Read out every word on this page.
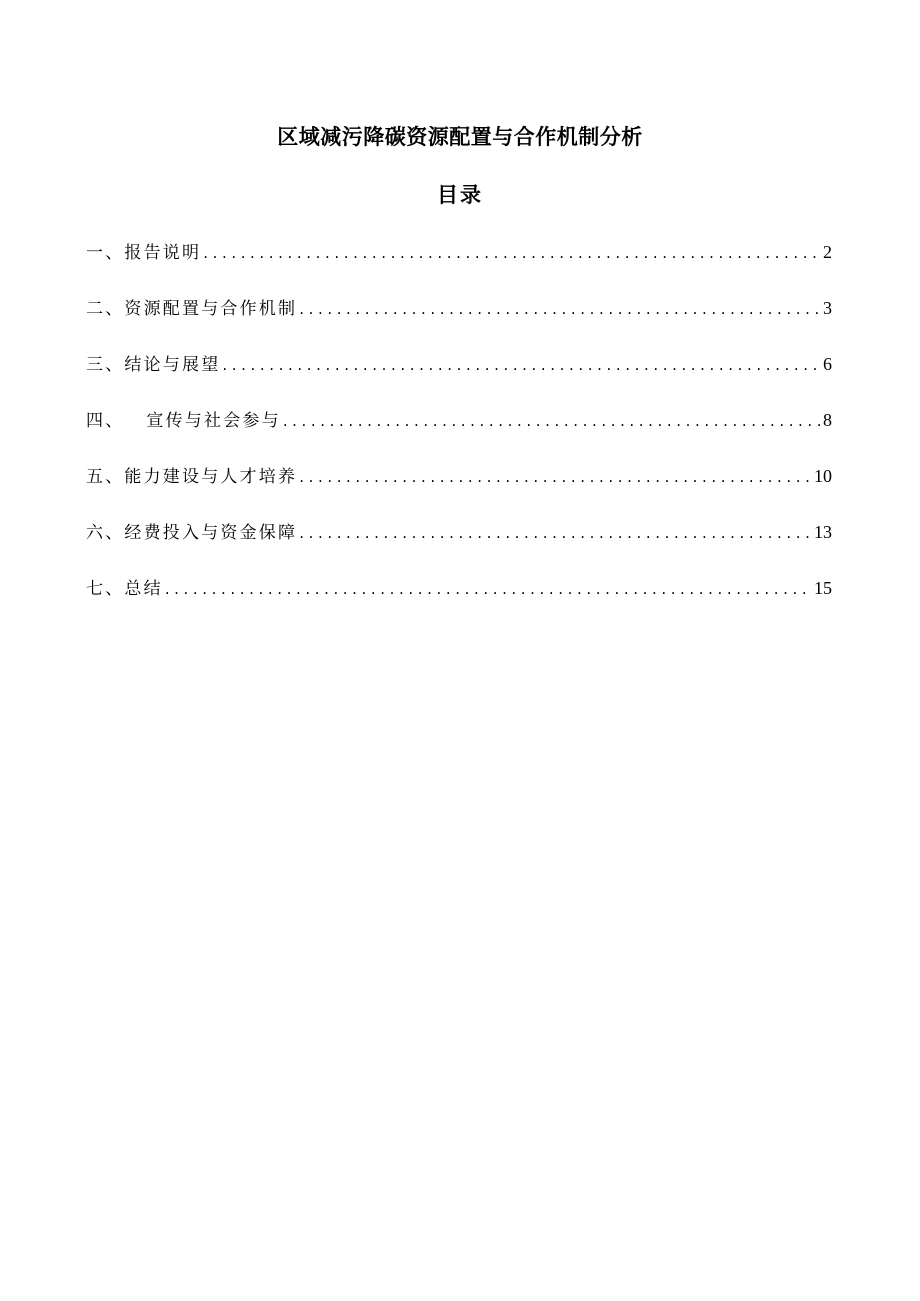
区域减污降碳资源配置与合作机制分析
目录
一、报告说明 .....	2
二、资源配置与合作机制 .....	3
三、结论与展望 .....	6
四、 宣传与社会参与 .....	8
五、能力建设与人才培养 .....	10
六、经费投入与资金保障 .....	13
七、总结 .....	15
